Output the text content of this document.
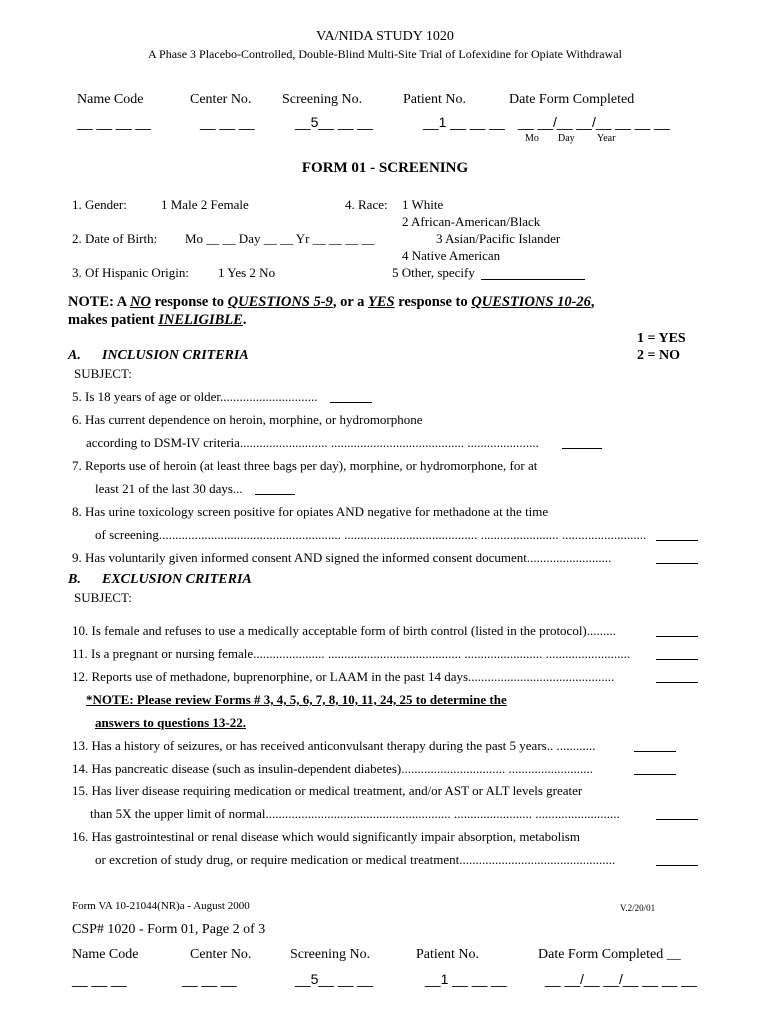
VA/NIDA STUDY 1020
A Phase 3 Placebo-Controlled, Double-Blind Multi-Site Trial of Lofexidine for Opiate Withdrawal
Name Code	Center No. Screening No.	Patient No.	Date Form Completed
__ __ __ __	__ __ __	__5__ __ __	__1 __ __ __ __ __/__ __/__ __ __ __
Mo Day Year
FORM 01 - SCREENING
1. Gender:	1 Male 2 Female
2. Date of Birth: Mo __ __ Day __ __ Yr __ __ __ __
3. Of Hispanic Origin: 1 Yes 2 No
4. Race: 1 White
2 African-American/Black
3 Asian/Pacific Islander
4 Native American
5 Other, specify
NOTE: A NO response to QUESTIONS 5-9, or a YES response to QUESTIONS 10-26,
makes patient INELIGIBLE.
1 = YES
2 = NO
A. INCLUSION CRITERIA
SUBJECT:
5. Is 18 years of age or older..............................
6. Has current dependence on heroin, morphine, or hydromorphone
according to DSM-IV criteria........................... ......................................... ......................
7. Reports use of heroin (at least three bags per day), morphine, or hydromorphone, for at
least 21 of the last 30 days...
8. Has urine toxicology screen positive for opiates AND negative for methadone at the time
of screening........................................................ ......................................... ........................ ..........................
9. Has voluntarily given informed consent AND signed the informed consent document..........................
B. EXCLUSION CRITERIA
SUBJECT:
10. Is female and refuses to use a medically acceptable form of birth control (listed in the protocol).........
11. Is a pregnant or nursing female...................... ......................................... ........................ ..........................
12. Reports use of methadone, buprenorphine, or LAAM in the past 14 days.............................................
*NOTE: Please review Forms # 3, 4, 5, 6, 7, 8, 10, 11, 24, 25 to determine the
answers to questions 13-22.
13. Has a history of seizures, or has received anticonvulsant therapy during the past 5 years.. ............
14. Has pancreatic disease (such as insulin-dependent diabetes)................................ ..........................
15. Has liver disease requiring medication or medical treatment, and/or AST or ALT levels greater
than 5X the upper limit of normal......................................................... ........................ ..........................
16. Has gastrointestinal or renal disease which would significantly impair absorption, metabolism
or excretion of study drug, or require medication or medical treatment................................................
Form VA 10-21044(NR)a - August 2000	V.2/20/01
CSP# 1020 - Form 01, Page 2 of 3
Name Code	Center No.	Screening No.	Patient No.	Date Form Completed __
__ __ __	__ __ __	__5__ __ __	__1 __ __ __	__ __/__ __/__ __ __ __
